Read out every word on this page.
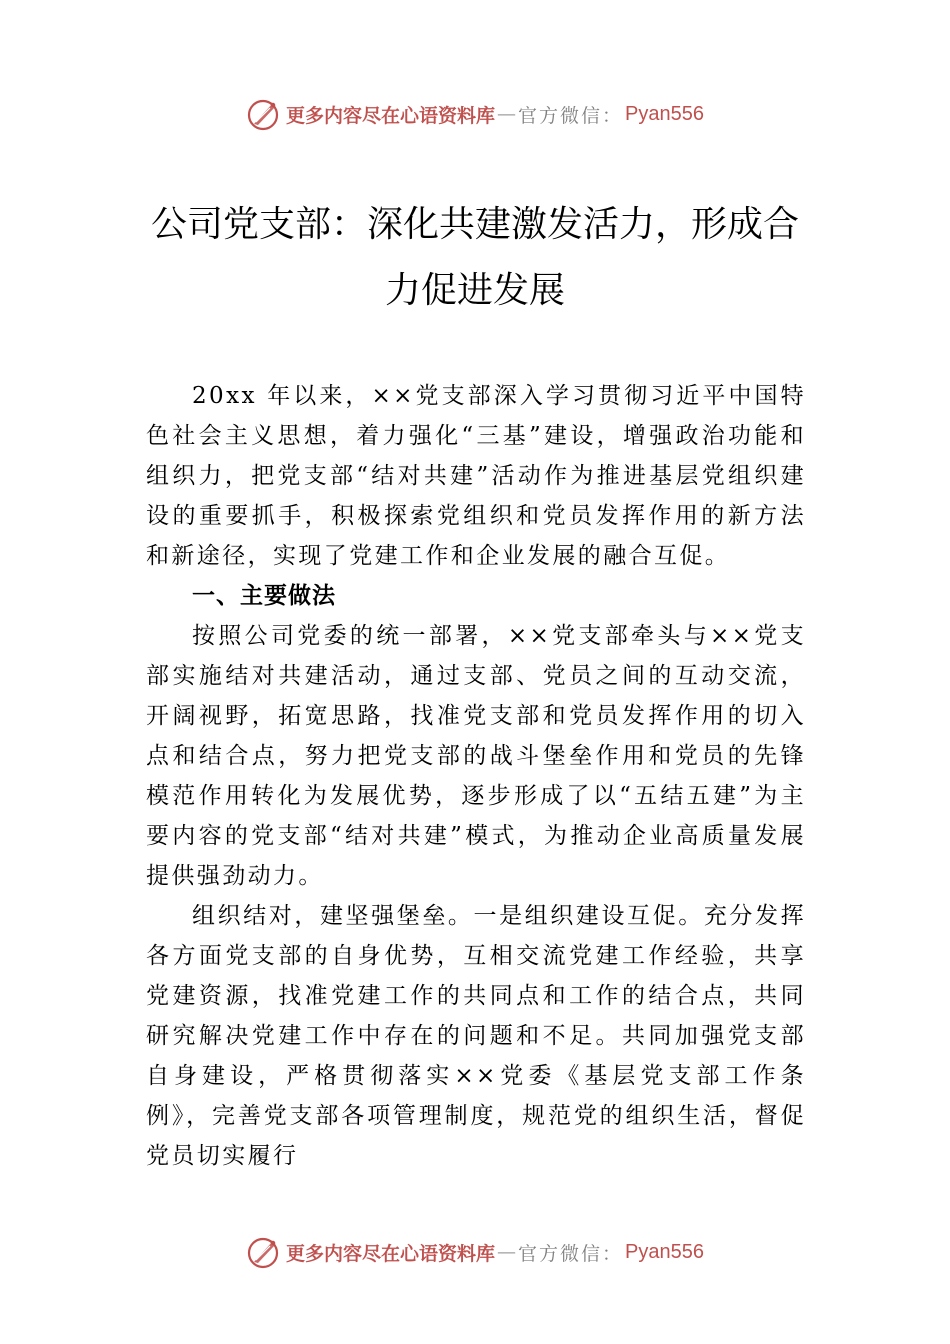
更多内容尽在心语资料库 — 官方微信： Pyan556
公司党支部：深化共建激发活力，形成合
力促进发展

20xx 年以来，××党支部深入学习贯彻习近平中国特色社会主义思想，着力强化“三基”建设，增强政治功能和组织力，把党支部“结对共建”活动作为推进基层党组织建设的重要抓手，积极探索党组织和党员发挥作用的新方法和新途径，实现了党建工作和企业发展的融合互促。

一、主要做法

按照公司党委的统一部署，××党支部牵头与××党支部实施结对共建活动，通过支部、党员之间的互动交流，开阔视野，拓宽思路，找准党支部和党员发挥作用的切入点和结合点，努力把党支部的战斗堡垒作用和党员的先锋模范作用转化为发展优势，逐步形成了以“五结五建”为主要内容的党支部“结对共建”模式，为推动企业高质量发展提供强劲动力。

组织结对，建坚强堡垒。一是组织建设互促。充分发挥各方面党支部的自身优势，互相交流党建工作经验，共享党建资源，找准党建工作的共同点和工作的结合点，共同研究解决党建工作中存在的问题和不足。共同加强党支部自身建设，严格贯彻落实××党委《基层党支部工作条例》，完善党支部各项管理制度，规范党的组织生活，督促党员切实履行

更多内容尽在心语资料库 — 官方微信： Pyan556
